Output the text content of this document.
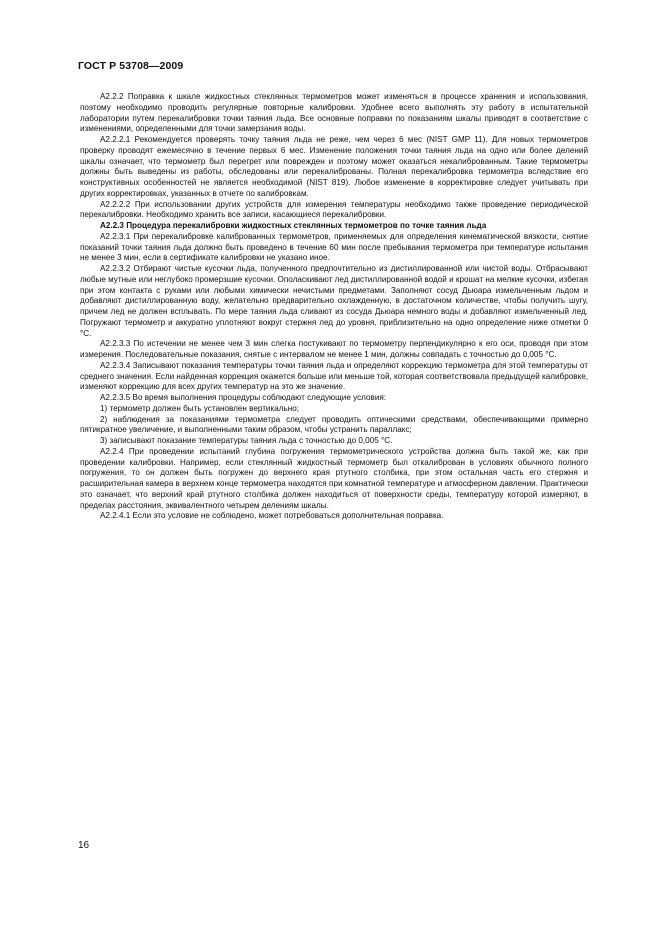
ГОСТ Р 53708—2009

А2.2.2 Поправка к шкале жидкостных стеклянных термометров может изменяться в процессе хранения и использования, поэтому необходимо проводить регулярные повторные калибровки. Удобнее всего выполнять эту работу в испытательной лаборатории путем перекалибровки точки таяния льда. Все основные поправки по показаниям шкалы приводят в соответствие с изменениями, определенными для точки замерзания воды.

А2.2.2.1 Рекомендуется проверять точку таяния льда не реже, чем через 6 мес (NIST GMP 11). Для новых термометров проверку проводят ежемесячно в течение первых 6 мес. Изменение положения точки таяния льда на одно или более делений шкалы означает, что термометр был перегрет или поврежден и поэтому может оказаться некалиброванным. Такие термометры должны быть выведены из работы, обследованы или перекалиброваны. Полная перекалибровка термометра вследствие его конструктивных особенностей не является необходимой (NIST 819). Любое изменение в корректировке следует учитывать при других корректировках, указанных в отчете по калибровкам.

А2.2.2.2 При использовании других устройств для измерения температуры необходимо также проведение периодической перекалибровки. Необходимо хранить все записи, касающиеся перекалибровки.

А2.2.3 Процедура перекалибровки жидкостных стеклянных термометров по точке таяния льда

А2.2.3.1 При перекалибровке калиброванных термометров, применяемых для определения кинематической вязкости, снятие показаний точки таяния льда должно быть проведено в течение 60 мин после пребывания термометра при температуре испытания не менее 3 мин, если в сертификате калибровки не указано иное.

А2.2.3.2 Отбирают чистые кусочки льда, полученного предпочтительно из дистиллированной или чистой воды. Отбрасывают любые мутные или неглубоко промерзшие кусочки. Ополаскивают лед дистиллированной водой и крошат на мелкие кусочки, избегая при этом контакта с руками или любыми химически нечистыми предметами. Заполняют сосуд Дьюара измельченным льдом и добавляют дистиллированную воду, желательно предварительно охлажденную, в достаточном количестве, чтобы получить шугу, причем лед не должен всплывать. По мере таяния льда сливают из сосуда Дьюара немного воды и добавляют измельченный лед. Погружают термометр и аккуратно уплотняют вокруг стержня лед до уровня, приблизительно на одно определение ниже отметки 0 °С.

А2.2.3.3 По истечении не менее чем 3 мин слегка постукивают по термометру перпендикулярно к его оси, проводя при этом измерения. Последовательные показания, снятые с интервалом не менее 1 мин, должны совпадать с точностью до 0,005 °С.

А2.2.3.4 Записывают показания температуры точки таяния льда и определяют коррекцию термометра для этой температуры от среднего значения. Если найденная коррекция окажется больше или меньше той, которая соответствовала предыдущей калибровке, изменяют коррекцию для всех других температур на это же значение.

А2.2.3.5 Во время выполнения процедуры соблюдают следующие условия:

1) термометр должен быть установлен вертикально;

2) наблюдения за показаниями термометра следует проводить оптическими средствами, обеспечивающими примерно пятикратное увеличение, и выполненными таким образом, чтобы устранить параллакс;

3) записывают показание температуры таяния льда с точностью до 0,005 °С.

А2.2.4 При проведении испытаний глубина погружения термометрического устройства должна быть такой же, как при проведении калибровки. Например, если стеклянный жидкостный термометр был откалиброван в условиях обычного полного погружения, то он должен быть погружен до верхнего края ртутного столбика, при этом остальная часть его стержня и расширительная камера в верхнем конце термометра находятся при комнатной температуре и атмосферном давлении. Практически это означает, что верхний край ртутного столбика должен находиться от поверхности среды, температуру которой измеряют, в пределах расстояния, эквивалентного четырем делениям шкалы.

А2.2.4.1 Если это условие не соблюдено, может потребоваться дополнительная поправка.

16
